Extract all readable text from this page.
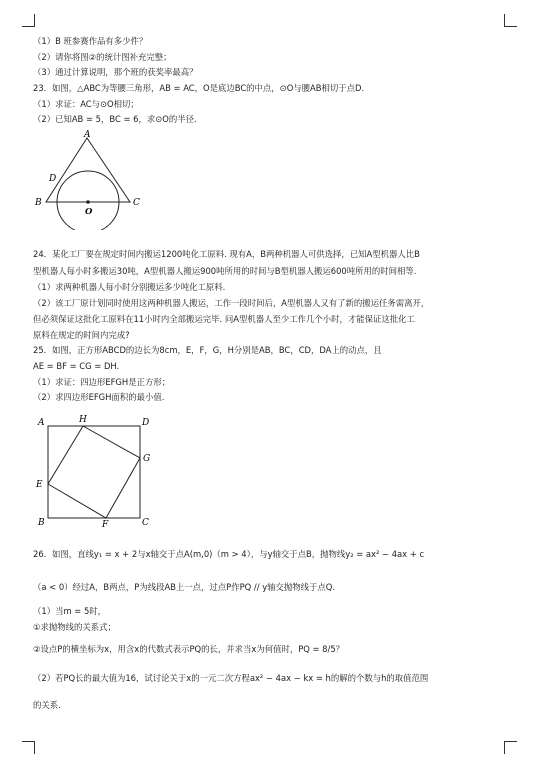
（1）B 班参赛作品有多少件？
（2）请你将图②的统计图补充完整；
（3）通过计算说明，那个班的获奖率最高？
23．如图，△ABC为等腰三角形，AB = AC，O是底边BC的中点，⊙O与腰AB相切于点D．
（1）求证：AC与⊙O相切；
（2）已知AB = 5，BC = 6，求⊙O的半径.
A
D
B	C
O
24．某化工厂要在规定时间内搬运1200吨化工原料. 现有A，B两种机器人可供选择，已知A型机器人比B
型机器人每小时多搬运30吨，A型机器人搬运900吨所用的时间与B型机器人搬运600吨所用的时间相等.
（1）求两种机器人每小时分别搬运多少吨化工原料.
（2）该工厂原计划同时使用这两种机器人搬运，工作一段时间后，A型机器人又有了新的搬运任务需离开，
但必须保证这批化工原料在11小时内全部搬运完毕. 问A型机器人至少工作几个小时，才能保证这批化工
原料在规定的时间内完成?
25．如图，正方形ABCD的边长为8cm，E，F，G，H分别是AB，BC，CD，DA上的动点，且
AE = BF = CG = DH.
（1）求证：四边形EFGH是正方形；
（2）求四边形EFGH面积的最小值.
A	H	D
G
E
B	F	C
26．如图，直线y₁ = x + 2与x轴交于点A(m,0)（m > 4），与y轴交于点B，抛物线y₂ = ax² − 4ax + c
（a < 0）经过A，B两点，P为线段AB上一点，过点P作PQ // y轴交抛物线于点Q.
（1）当m = 5时，
①求抛物线的关系式；
②设点P的横坐标为x，用含x的代数式表示PQ的长，并求当x为何值时，PQ = 8/5？
（2）若PQ长的最大值为16，试讨论关于x的一元二次方程ax² − 4ax − kx = h的解的个数与h的取值范围
的关系.
